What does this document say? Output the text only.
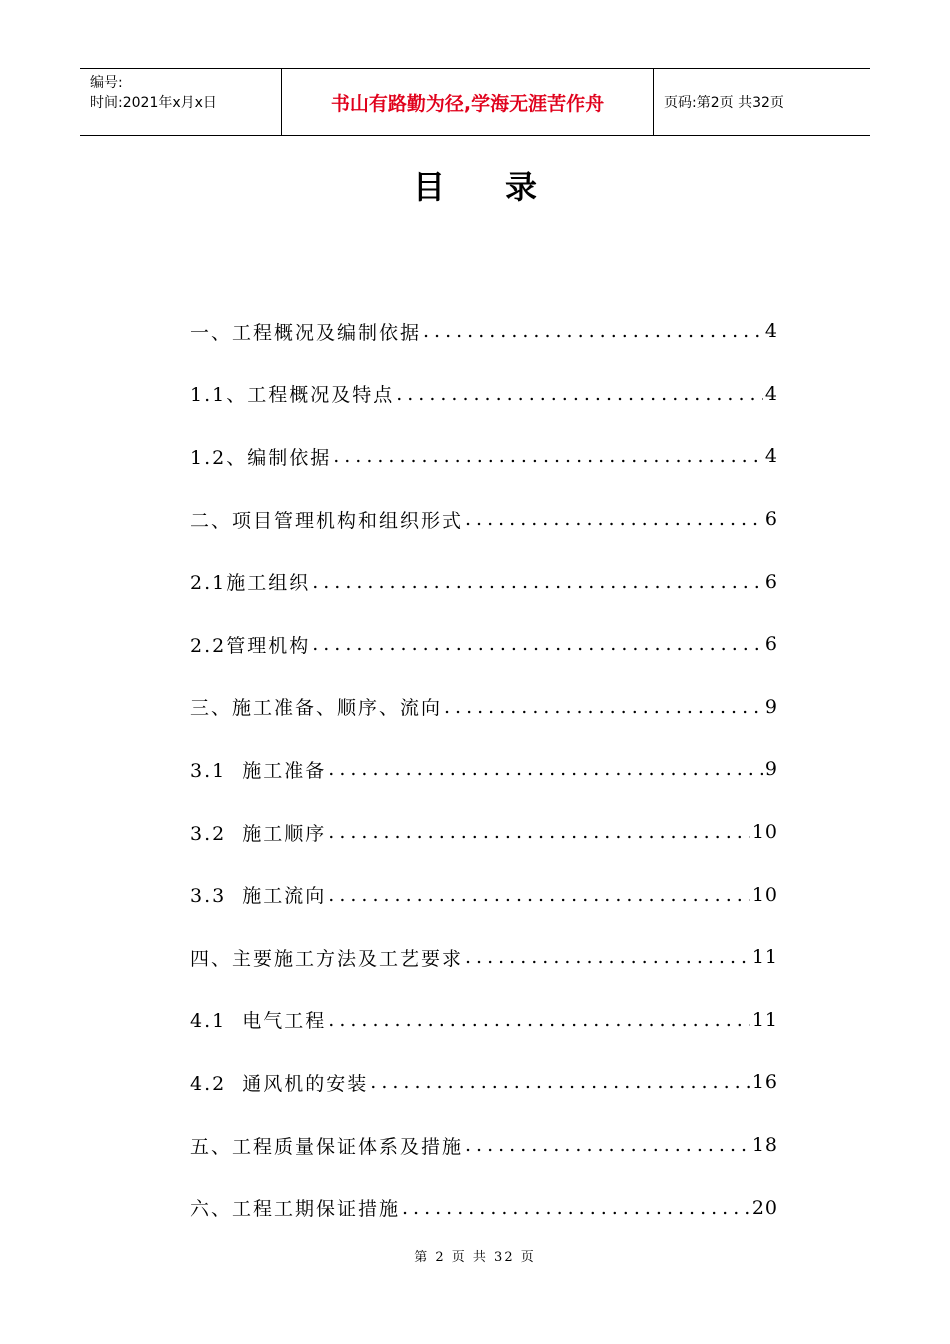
编号:
时间:2021年x月x日	书山有路勤为径,学海无涯苦作舟	页码:第2页 共32页
目录
一、工程概况及编制依据 .....	4
1.1、工程概况及特点 .....	4
1.2、编制依据 .....	4
二、项目管理机构和组织形式 .....	6
2.1施工组织 .....	6
2.2管理机构 .....	6
三、施工准备、顺序、流向 .....	9
3.1  施工准备 .....	9
3.2  施工顺序 .....	10
3.3  施工流向 .....	10
四、主要施工方法及工艺要求 .....	11
4.1  电气工程 .....	11
4.2  通风机的安装 .....	16
五、工程质量保证体系及措施 .....	18
六、工程工期保证措施 .....	20
第 2 页 共 32 页
